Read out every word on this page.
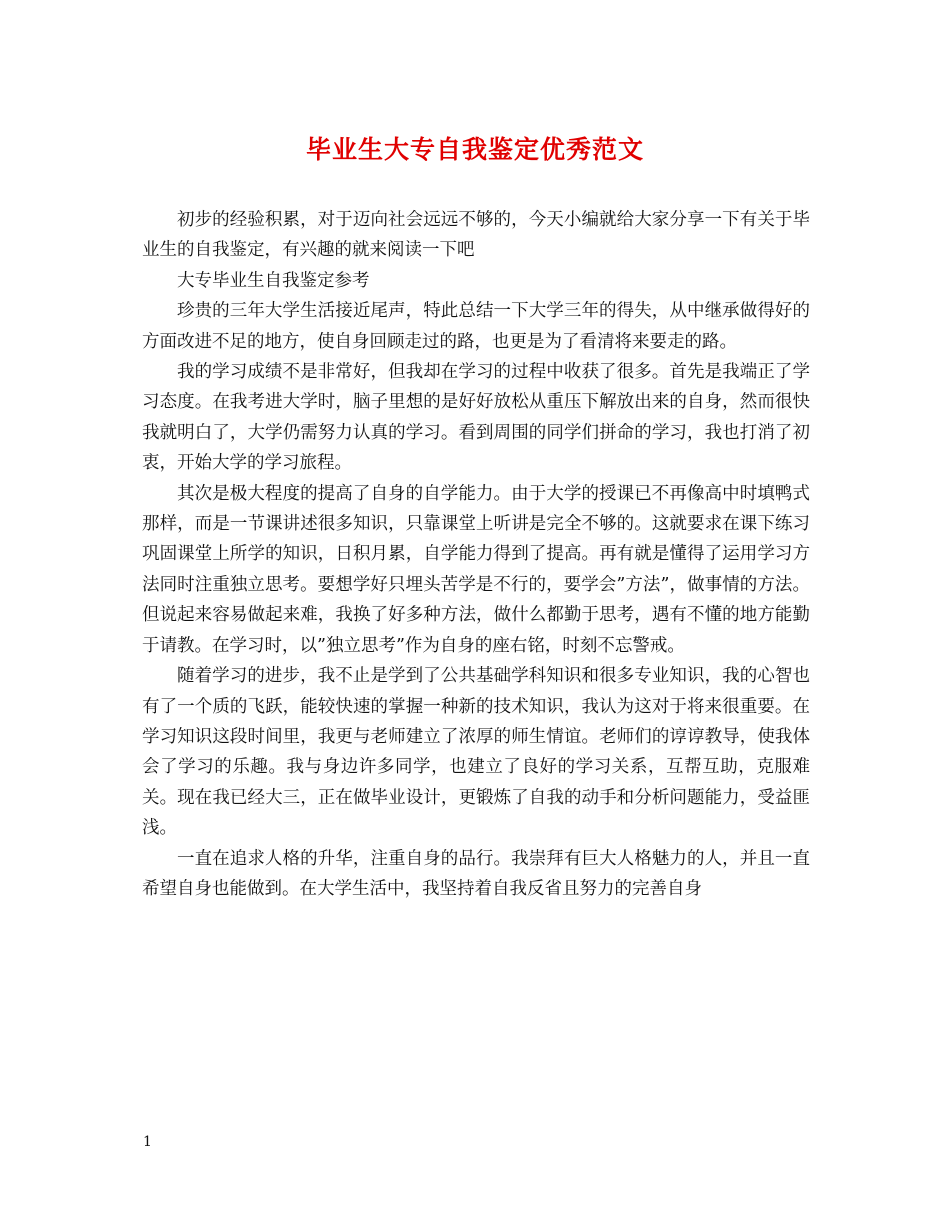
毕业生大专自我鉴定优秀范文

初步的经验积累，对于迈向社会远远不够的，今天小编就给大家分享一下有关于毕业生的自我鉴定，有兴趣的就来阅读一下吧

大专毕业生自我鉴定参考

珍贵的三年大学生活接近尾声，特此总结一下大学三年的得失，从中继承做得好的方面改进不足的地方，使自身回顾走过的路，也更是为了看清将来要走的路。

我的学习成绩不是非常好，但我却在学习的过程中收获了很多。首先是我端正了学习态度。在我考进大学时，脑子里想的是好好放松从重压下解放出来的自身，然而很快我就明白了，大学仍需努力认真的学习。看到周围的同学们拼命的学习，我也打消了初衷，开始大学的学习旅程。

其次是极大程度的提高了自身的自学能力。由于大学的授课已不再像高中时填鸭式那样，而是一节课讲述很多知识，只靠课堂上听讲是完全不够的。这就要求在课下练习巩固课堂上所学的知识，日积月累，自学能力得到了提高。再有就是懂得了运用学习方法同时注重独立思考。要想学好只埋头苦学是不行的，要学会”方法”，做事情的方法。但说起来容易做起来难，我换了好多种方法，做什么都勤于思考，遇有不懂的地方能勤于请教。在学习时，以”独立思考”作为自身的座右铭，时刻不忘警戒。

随着学习的进步，我不止是学到了公共基础学科知识和很多专业知识，我的心智也有了一个质的飞跃，能较快速的掌握一种新的技术知识，我认为这对于将来很重要。在学习知识这段时间里，我更与老师建立了浓厚的师生情谊。老师们的谆谆教导，使我体会了学习的乐趣。我与身边许多同学，也建立了良好的学习关系，互帮互助，克服难关。现在我已经大三，正在做毕业设计，更锻炼了自我的动手和分析问题能力，受益匪浅。

一直在追求人格的升华，注重自身的品行。我崇拜有巨大人格魅力的人，并且一直希望自身也能做到。在大学生活中，我坚持着自我反省且努力的完善自身

1
